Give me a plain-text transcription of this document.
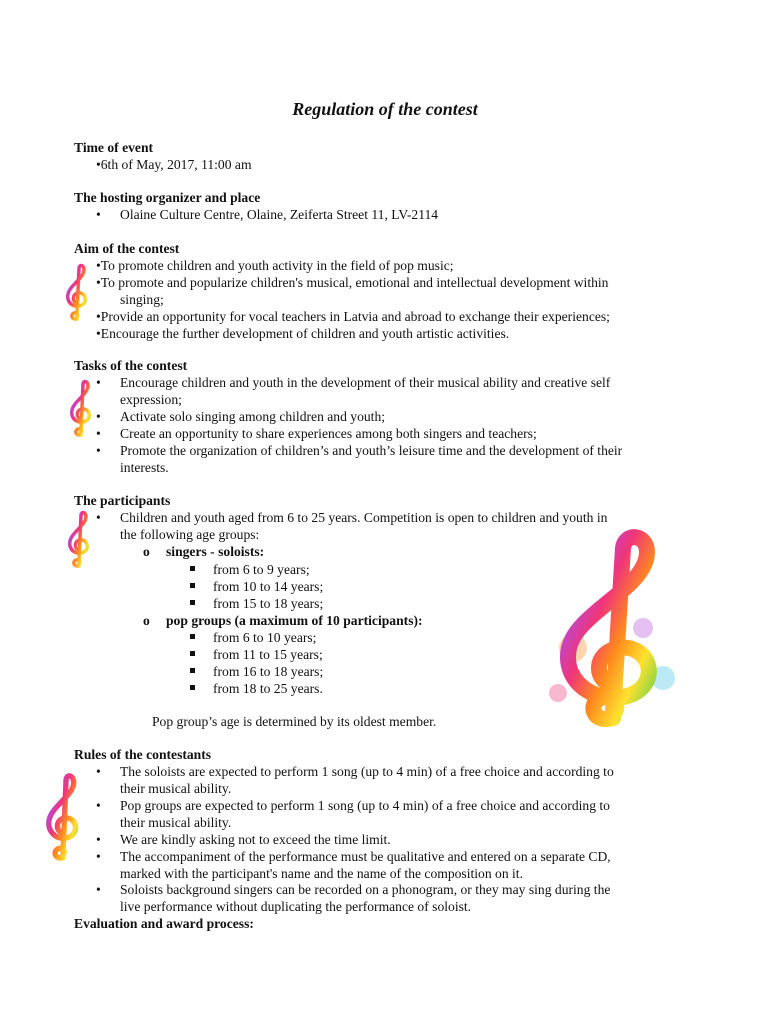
Regulation of the contest
Time of event
•6th of May, 2017, 11:00 am
The hosting organizer and place
• Olaine Culture Centre, Olaine, Zeiferta Street 11, LV-2114
Aim of the contest
•To promote children and youth activity in the field of pop music;
•To promote and popularize children's musical, emotional and intellectual development within
singing;
•Provide an opportunity for vocal teachers in Latvia and abroad to exchange their experiences;
•Encourage the further development of children and youth artistic activities.
Tasks of the contest
• Encourage children and youth in the development of their musical ability and creative self
expression;
• Activate solo singing among children and youth;
• Create an opportunity to share experiences among both singers and teachers;
• Promote the organization of children’s and youth’s leisure time and the development of their
interests.
The participants
• Children and youth aged from 6 to 25 years. Competition is open to children and youth in
the following age groups:
o singers - soloists:
from 6 to 9 years;
from 10 to 14 years;
from 15 to 18 years;
o pop groups (a maximum of 10 participants):
from 6 to 10 years;
from 11 to 15 years;
from 16 to 18 years;
from 18 to 25 years.
Pop group’s age is determined by its oldest member.
Rules of the contestants
• The soloists are expected to perform 1 song (up to 4 min) of a free choice and according to
their musical ability.
• Pop groups are expected to perform 1 song (up to 4 min) of a free choice and according to
their musical ability.
• We are kindly asking not to exceed the time limit.
• The accompaniment of the performance must be qualitative and entered on a separate CD,
marked with the participant's name and the name of the composition on it.
• Soloists background singers can be recorded on a phonogram, or they may sing during the
live performance without duplicating the performance of soloist.
Evaluation and award process:
